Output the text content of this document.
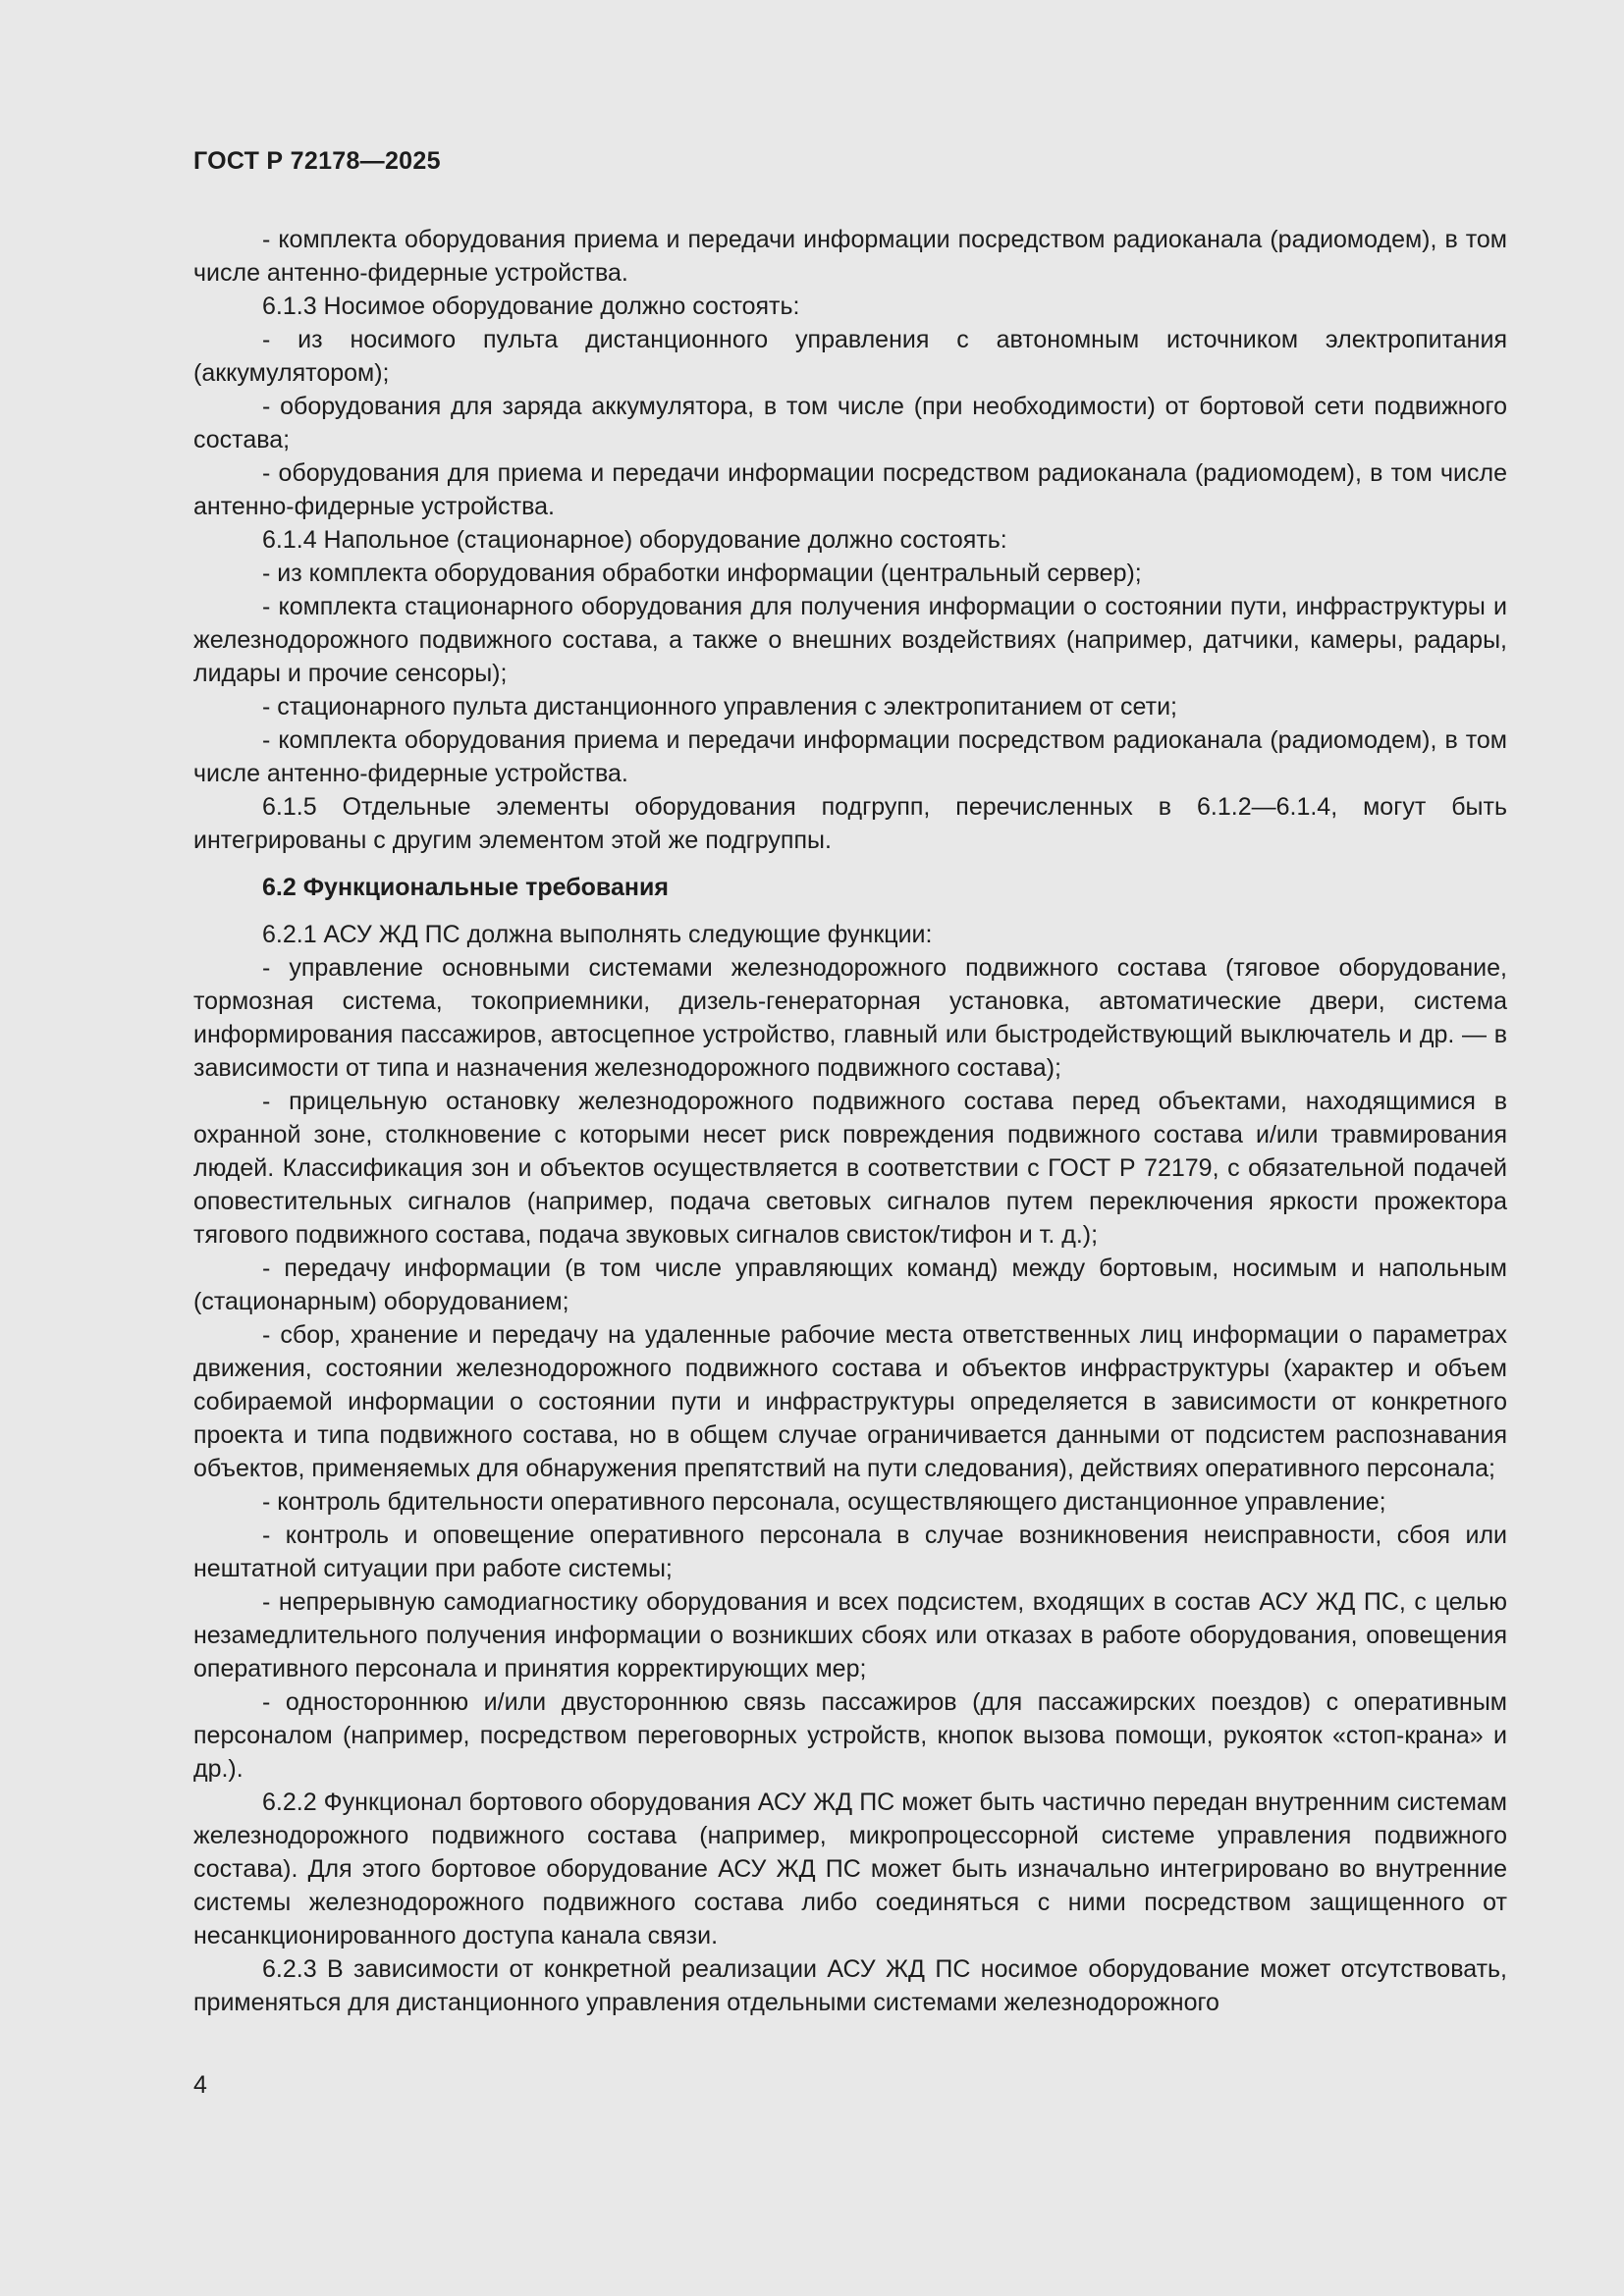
ГОСТ Р 72178—2025

- комплекта оборудования приема и передачи информации посредством радиоканала (радиомодем), в том числе антенно-фидерные устройства.

6.1.3 Носимое оборудование должно состоять:

- из носимого пульта дистанционного управления с автономным источником электропитания (аккумулятором);

- оборудования для заряда аккумулятора, в том числе (при необходимости) от бортовой сети подвижного состава;

- оборудования для приема и передачи информации посредством радиоканала (радиомодем), в том числе антенно-фидерные устройства.

6.1.4 Напольное (стационарное) оборудование должно состоять:

- из комплекта оборудования обработки информации (центральный сервер);

- комплекта стационарного оборудования для получения информации о состоянии пути, инфраструктуры и железнодорожного подвижного состава, а также о внешних воздействиях (например, датчики, камеры, радары, лидары и прочие сенсоры);

- стационарного пульта дистанционного управления с электропитанием от сети;

- комплекта оборудования приема и передачи информации посредством радиоканала (радиомодем), в том числе антенно-фидерные устройства.

6.1.5 Отдельные элементы оборудования подгрупп, перечисленных в 6.1.2—6.1.4, могут быть интегрированы с другим элементом этой же подгруппы.

6.2 Функциональные требования

6.2.1 АСУ ЖД ПС должна выполнять следующие функции:

- управление основными системами железнодорожного подвижного состава (тяговое оборудование, тормозная система, токоприемники, дизель-генераторная установка, автоматические двери, система информирования пассажиров, автосцепное устройство, главный или быстродействующий выключатель и др. — в зависимости от типа и назначения железнодорожного подвижного состава);

- прицельную остановку железнодорожного подвижного состава перед объектами, находящимися в охранной зоне, столкновение с которыми несет риск повреждения подвижного состава и/или травмирования людей. Классификация зон и объектов осуществляется в соответствии с ГОСТ Р 72179, с обязательной подачей оповестительных сигналов (например, подача световых сигналов путем переключения яркости прожектора тягового подвижного состава, подача звуковых сигналов свисток/тифон и т. д.);

- передачу информации (в том числе управляющих команд) между бортовым, носимым и напольным (стационарным) оборудованием;

- сбор, хранение и передачу на удаленные рабочие места ответственных лиц информации о параметрах движения, состоянии железнодорожного подвижного состава и объектов инфраструктуры (характер и объем собираемой информации о состоянии пути и инфраструктуры определяется в зависимости от конкретного проекта и типа подвижного состава, но в общем случае ограничивается данными от подсистем распознавания объектов, применяемых для обнаружения препятствий на пути следования), действиях оперативного персонала;

- контроль бдительности оперативного персонала, осуществляющего дистанционное управление;

- контроль и оповещение оперативного персонала в случае возникновения неисправности, сбоя или нештатной ситуации при работе системы;

- непрерывную самодиагностику оборудования и всех подсистем, входящих в состав АСУ ЖД ПС, с целью незамедлительного получения информации о возникших сбоях или отказах в работе оборудования, оповещения оперативного персонала и принятия корректирующих мер;

- одностороннюю и/или двустороннюю связь пассажиров (для пассажирских поездов) с оперативным персоналом (например, посредством переговорных устройств, кнопок вызова помощи, рукояток «стоп-крана» и др.).

6.2.2 Функционал бортового оборудования АСУ ЖД ПС может быть частично передан внутренним системам железнодорожного подвижного состава (например, микропроцессорной системе управления подвижного состава). Для этого бортовое оборудование АСУ ЖД ПС может быть изначально интегрировано во внутренние системы железнодорожного подвижного состава либо соединяться с ними посредством защищенного от несанкционированного доступа канала связи.

6.2.3 В зависимости от конкретной реализации АСУ ЖД ПС носимое оборудование может отсутствовать, применяться для дистанционного управления отдельными системами железнодорожного

4
